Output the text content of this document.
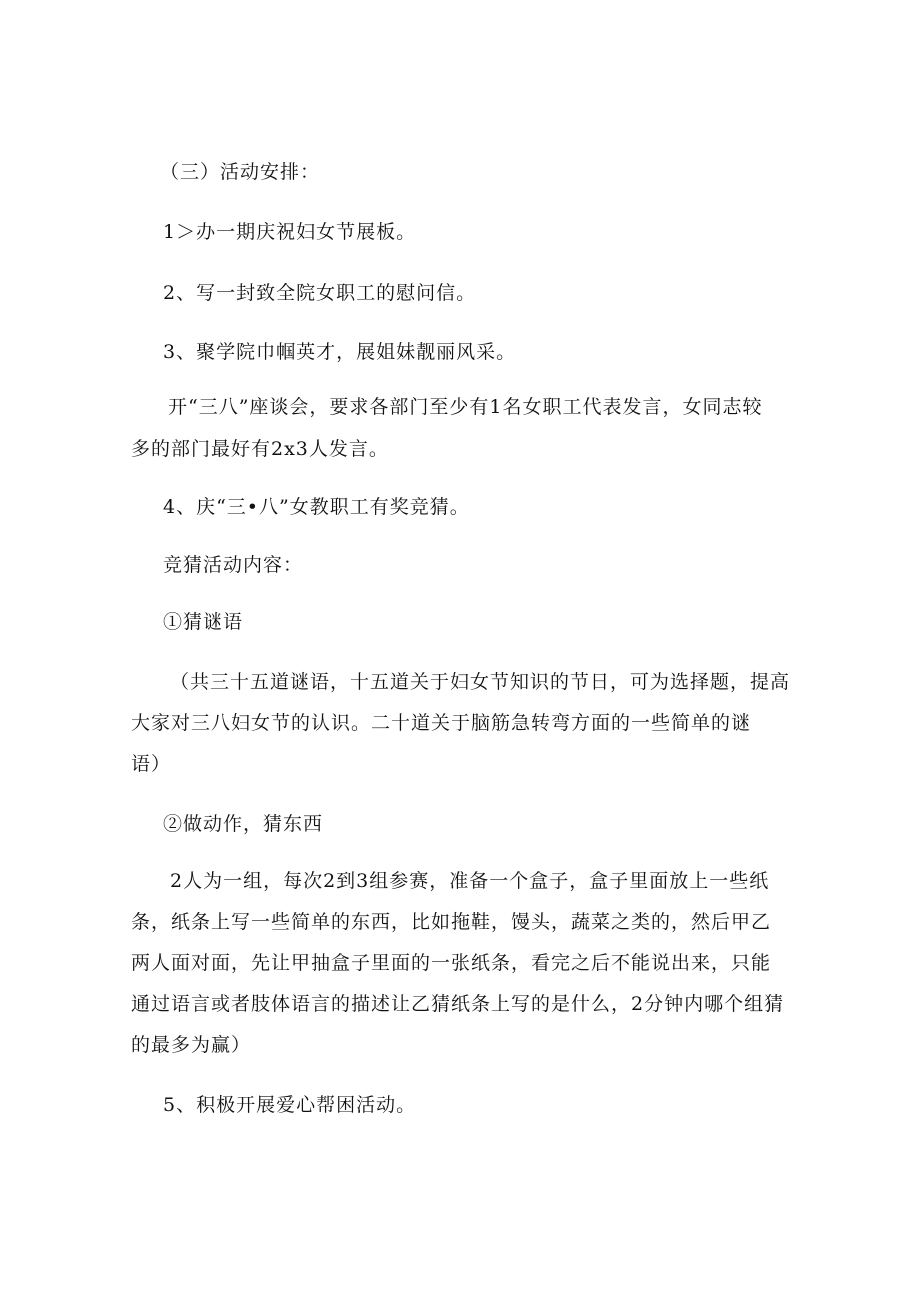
（三）活动安排：
1＞办一期庆祝妇女节展板。
2、写一封致全院女职工的慰问信。
3、聚学院巾帼英才，展姐妹靓丽风采。
开“三八”座谈会，要求各部门至少有1名女职工代表发言，女同志较
多的部门最好有2x3人发言。
4、庆“三•八”女教职工有奖竞猜。
竞猜活动内容：
①猜谜语
（共三十五道谜语，十五道关于妇女节知识的节日，可为选择题，提高
大家对三八妇女节的认识。二十道关于脑筋急转弯方面的一些简单的谜
语）
②做动作，猜东西
2人为一组，每次2到3组参赛，准备一个盒子，盒子里面放上一些纸
条，纸条上写一些简单的东西，比如拖鞋，馒头，蔬菜之类的，然后甲乙
两人面对面，先让甲抽盒子里面的一张纸条，看完之后不能说出来，只能
通过语言或者肢体语言的描述让乙猜纸条上写的是什么，2分钟内哪个组猜
的最多为赢）
5、积极开展爱心帮困活动。
